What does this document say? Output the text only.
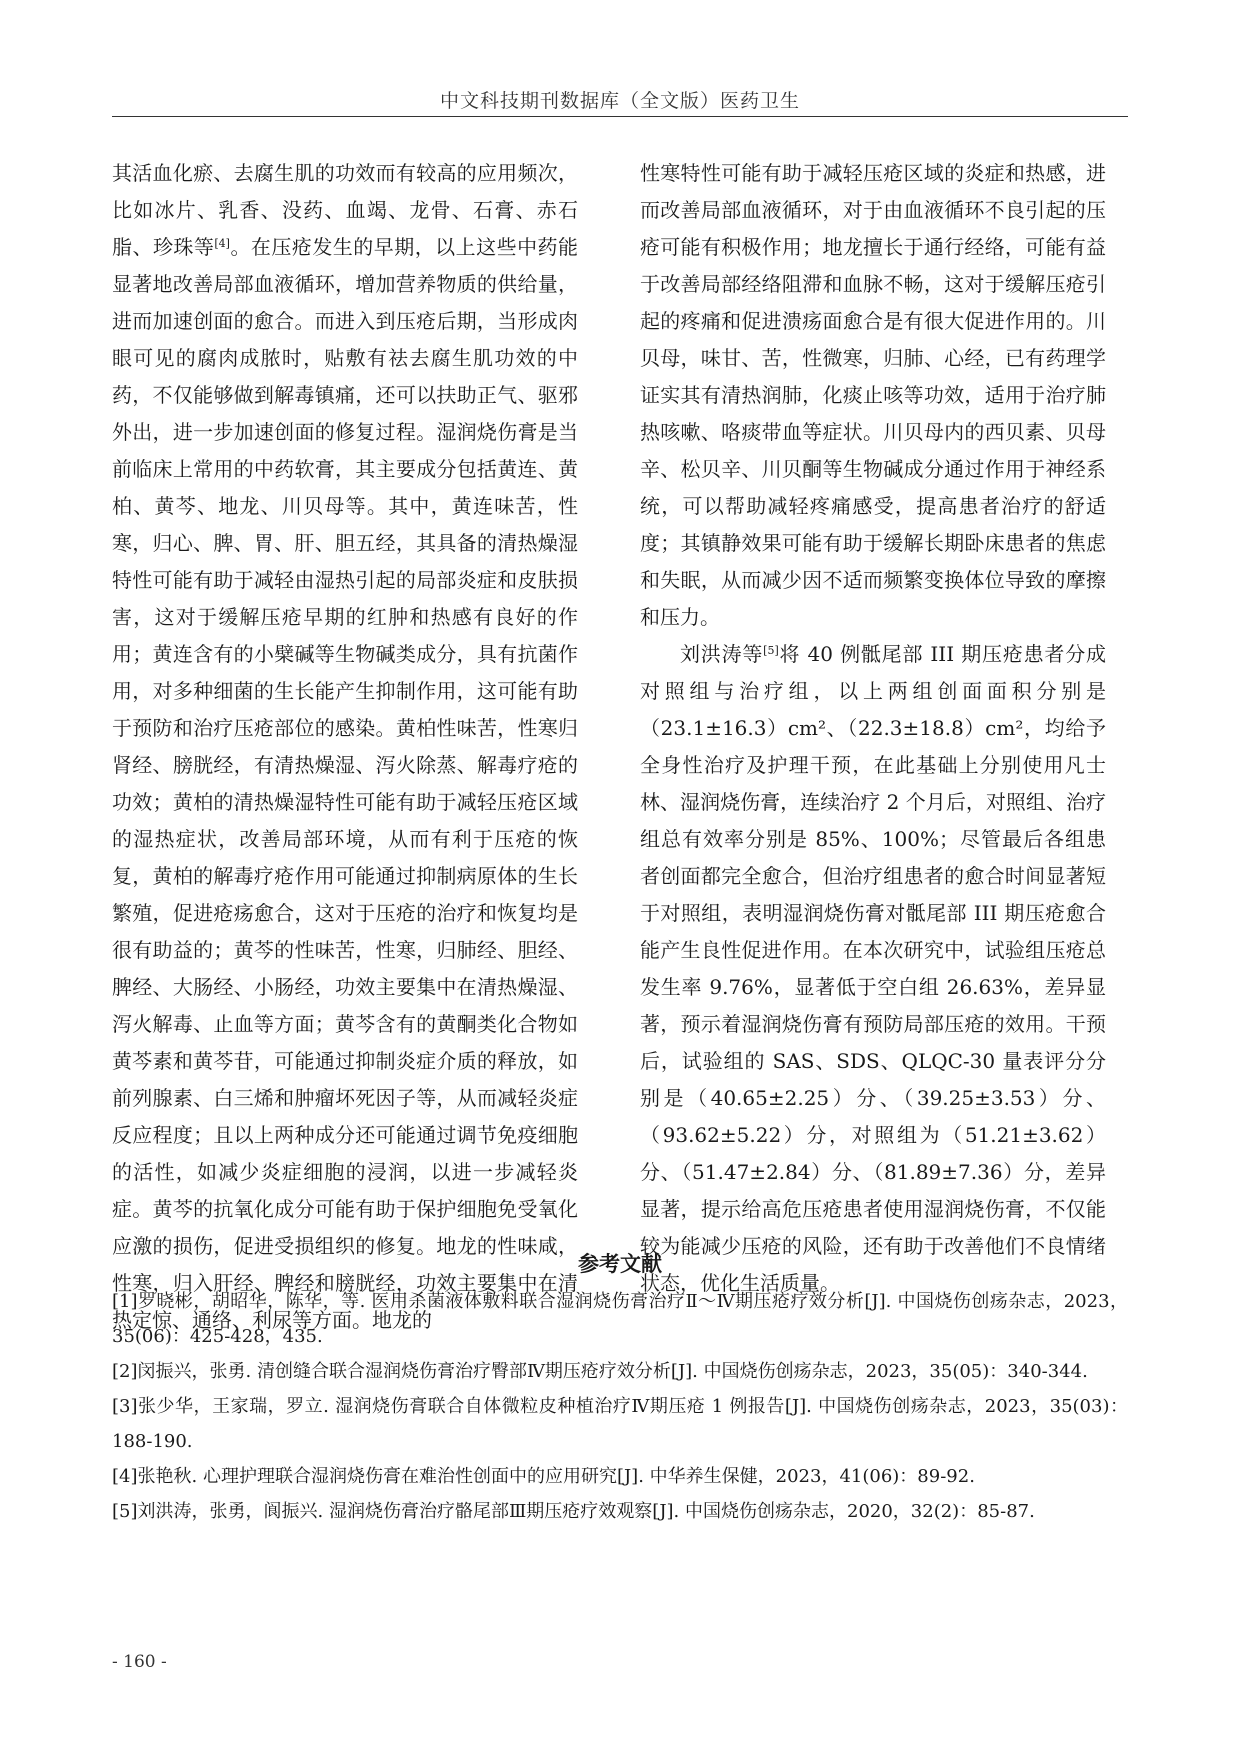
中文科技期刊数据库（全文版）医药卫生

其活血化瘀、去腐生肌的功效而有较高的应用频次，比如冰片、乳香、没药、血竭、龙骨、石膏、赤石脂、珍珠等[4]。在压疮发生的早期，以上这些中药能显著地改善局部血液循环，增加营养物质的供给量，进而加速创面的愈合。而进入到压疮后期，当形成肉眼可见的腐肉成脓时，贴敷有祛去腐生肌功效的中药，不仅能够做到解毒镇痛，还可以扶助正气、驱邪外出，进一步加速创面的修复过程。湿润烧伤膏是当前临床上常用的中药软膏，其主要成分包括黄连、黄柏、黄芩、地龙、川贝母等。其中，黄连味苦，性寒，归心、脾、胃、肝、胆五经，其具备的清热燥湿特性可能有助于减轻由湿热引起的局部炎症和皮肤损害，这对于缓解压疮早期的红肿和热感有良好的作用；黄连含有的小檗碱等生物碱类成分，具有抗菌作用，对多种细菌的生长能产生抑制作用，这可能有助于预防和治疗压疮部位的感染。黄柏性味苦，性寒归肾经、膀胱经，有清热燥湿、泻火除蒸、解毒疗疮的功效；黄柏的清热燥湿特性可能有助于减轻压疮区域的湿热症状，改善局部环境，从而有利于压疮的恢复，黄柏的解毒疗疮作用可能通过抑制病原体的生长繁殖，促进疮疡愈合，这对于压疮的治疗和恢复均是很有助益的；黄芩的性味苦，性寒，归肺经、胆经、脾经、大肠经、小肠经，功效主要集中在清热燥湿、泻火解毒、止血等方面；黄芩含有的黄酮类化合物如黄芩素和黄芩苷，可能通过抑制炎症介质的释放，如前列腺素、白三烯和肿瘤坏死因子等，从而减轻炎症反应程度；且以上两种成分还可能通过调节免疫细胞的活性，如减少炎症细胞的浸润，以进一步减轻炎症。黄芩的抗氧化成分可能有助于保护细胞免受氧化应激的损伤，促进受损组织的修复。地龙的性味咸，性寒，归入肝经、脾经和膀胱经，功效主要集中在清热定惊、通络、利尿等方面。地龙的

性寒特性可能有助于减轻压疮区域的炎症和热感，进而改善局部血液循环，对于由血液循环不良引起的压疮可能有积极作用；地龙擅长于通行经络，可能有益于改善局部经络阻滞和血脉不畅，这对于缓解压疮引起的疼痛和促进溃疡面愈合是有很大促进作用的。川贝母，味甘、苦，性微寒，归肺、心经，已有药理学证实其有清热润肺，化痰止咳等功效，适用于治疗肺热咳嗽、咯痰带血等症状。川贝母内的西贝素、贝母辛、松贝辛、川贝酮等生物碱成分通过作用于神经系统，可以帮助减轻疼痛感受，提高患者治疗的舒适度；其镇静效果可能有助于缓解长期卧床患者的焦虑和失眠，从而减少因不适而频繁变换体位导致的摩擦和压力。

刘洪涛等[5]将 40 例骶尾部 III 期压疮患者分成对照组与治疗组，以上两组创面面积分别是（23.1±16.3）cm²、（22.3±18.8）cm²，均给予全身性治疗及护理干预，在此基础上分别使用凡士林、湿润烧伤膏，连续治疗 2 个月后，对照组、治疗组总有效率分别是 85%、100%；尽管最后各组患者创面都完全愈合，但治疗组患者的愈合时间显著短于对照组，表明湿润烧伤膏对骶尾部 III 期压疮愈合能产生良性促进作用。在本次研究中，试验组压疮总发生率 9.76%，显著低于空白组 26.63%，差异显著，预示着湿润烧伤膏有预防局部压疮的效用。干预后，试验组的 SAS、SDS、QLQC-30 量表评分分别是（40.65±2.25）分、（39.25±3.53）分、（93.62±5.22）分，对照组为（51.21±3.62）分、（51.47±2.84）分、（81.89±7.36）分，差异显著，提示给高危压疮患者使用湿润烧伤膏，不仅能较为能减少压疮的风险，还有助于改善他们不良情绪状态，优化生活质量。

参考文献

[1]罗晓彬，胡昭华，陈华，等. 医用杀菌液体敷料联合湿润烧伤膏治疗Ⅱ～Ⅳ期压疮疗效分析[J]. 中国烧伤创疡杂志，2023，35(06)：425-428，435.

[2]闵振兴，张勇. 清创缝合联合湿润烧伤膏治疗臀部Ⅳ期压疮疗效分析[J]. 中国烧伤创疡杂志，2023，35(05)：340-344.

[3]张少华，王家瑞，罗立. 湿润烧伤膏联合自体微粒皮种植治疗Ⅳ期压疮 1 例报告[J]. 中国烧伤创疡杂志，2023，35(03)：188-190.

[4]张艳秋. 心理护理联合湿润烧伤膏在难治性创面中的应用研究[J]. 中华养生保健，2023，41(06)：89-92.

[5]刘洪涛，张勇，阆振兴. 湿润烧伤膏治疗骼尾部Ⅲ期压疮疗效观察[J]. 中国烧伤创疡杂志，2020，32(2)：85-87.

- 160 -
